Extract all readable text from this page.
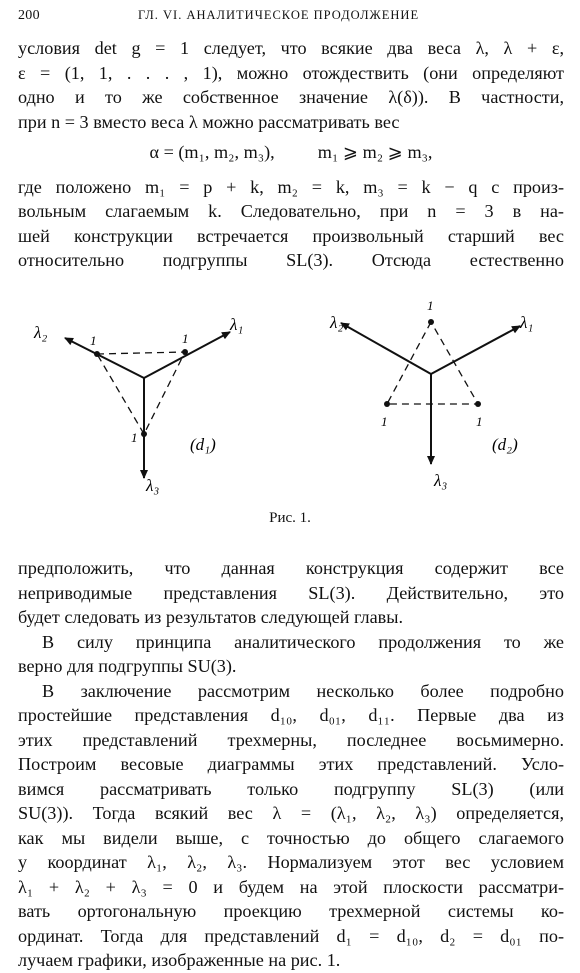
200	ГЛ. VI. АНАЛИТИЧЕСКОЕ ПРОДОЛЖЕНИЕ

условия det g = 1 следует, что всякие два веса λ, λ + ε,

ε = (1, 1, . . . , 1), можно отождествить (они определяют

одно и то же собственное значение λ(δ)). В частности,

при n = 3 вместо веса λ можно рассматривать вес

α = (m₁, m₂, m₃), m₁ ⩾ m₂ ⩾ m₃,

где положено m₁ = p + k, m₂ = k, m₃ = k − q с произ-

вольным слагаемым k. Следовательно, при n = 3 в на-

шей конструкции встречается произвольный старший вес

относительно подгруппы SL(3). Отсюда естественно

λ₂	λ₁
λ₃
1	1
1	(d₁)
λ₂	λ₁
λ₃
1
1	1
(d₂)
Рис. 1.

предположить, что данная конструкция содержит все

неприводимые представления SL(3). Действительно, это

будет следовать из результатов следующей главы.

В силу принципа аналитического продолжения то же

верно для подгруппы SU(3).

В заключение рассмотрим несколько более подробно

простейшие представления d₁₀, d₀₁, d₁₁. Первые два из

этих представлений трехмерны, последнее восьмимерно.

Построим весовые диаграммы этих представлений. Усло-

вимся рассматривать только подгруппу SL(3) (или

SU(3)). Тогда всякий вес λ = (λ₁, λ₂, λ₃) определяется,

как мы видели выше, с точностью до общего слагаемого

у координат λ₁, λ₂, λ₃. Нормализуем этот вес условием

λ₁ + λ₂ + λ₃ = 0 и будем на этой плоскости рассматри-

вать ортогональную проекцию трехмерной системы ко-

ординат. Тогда для представлений d₁ = d₁₀, d₂ = d₀₁ по-

лучаем графики, изображенные на рис. 1.
